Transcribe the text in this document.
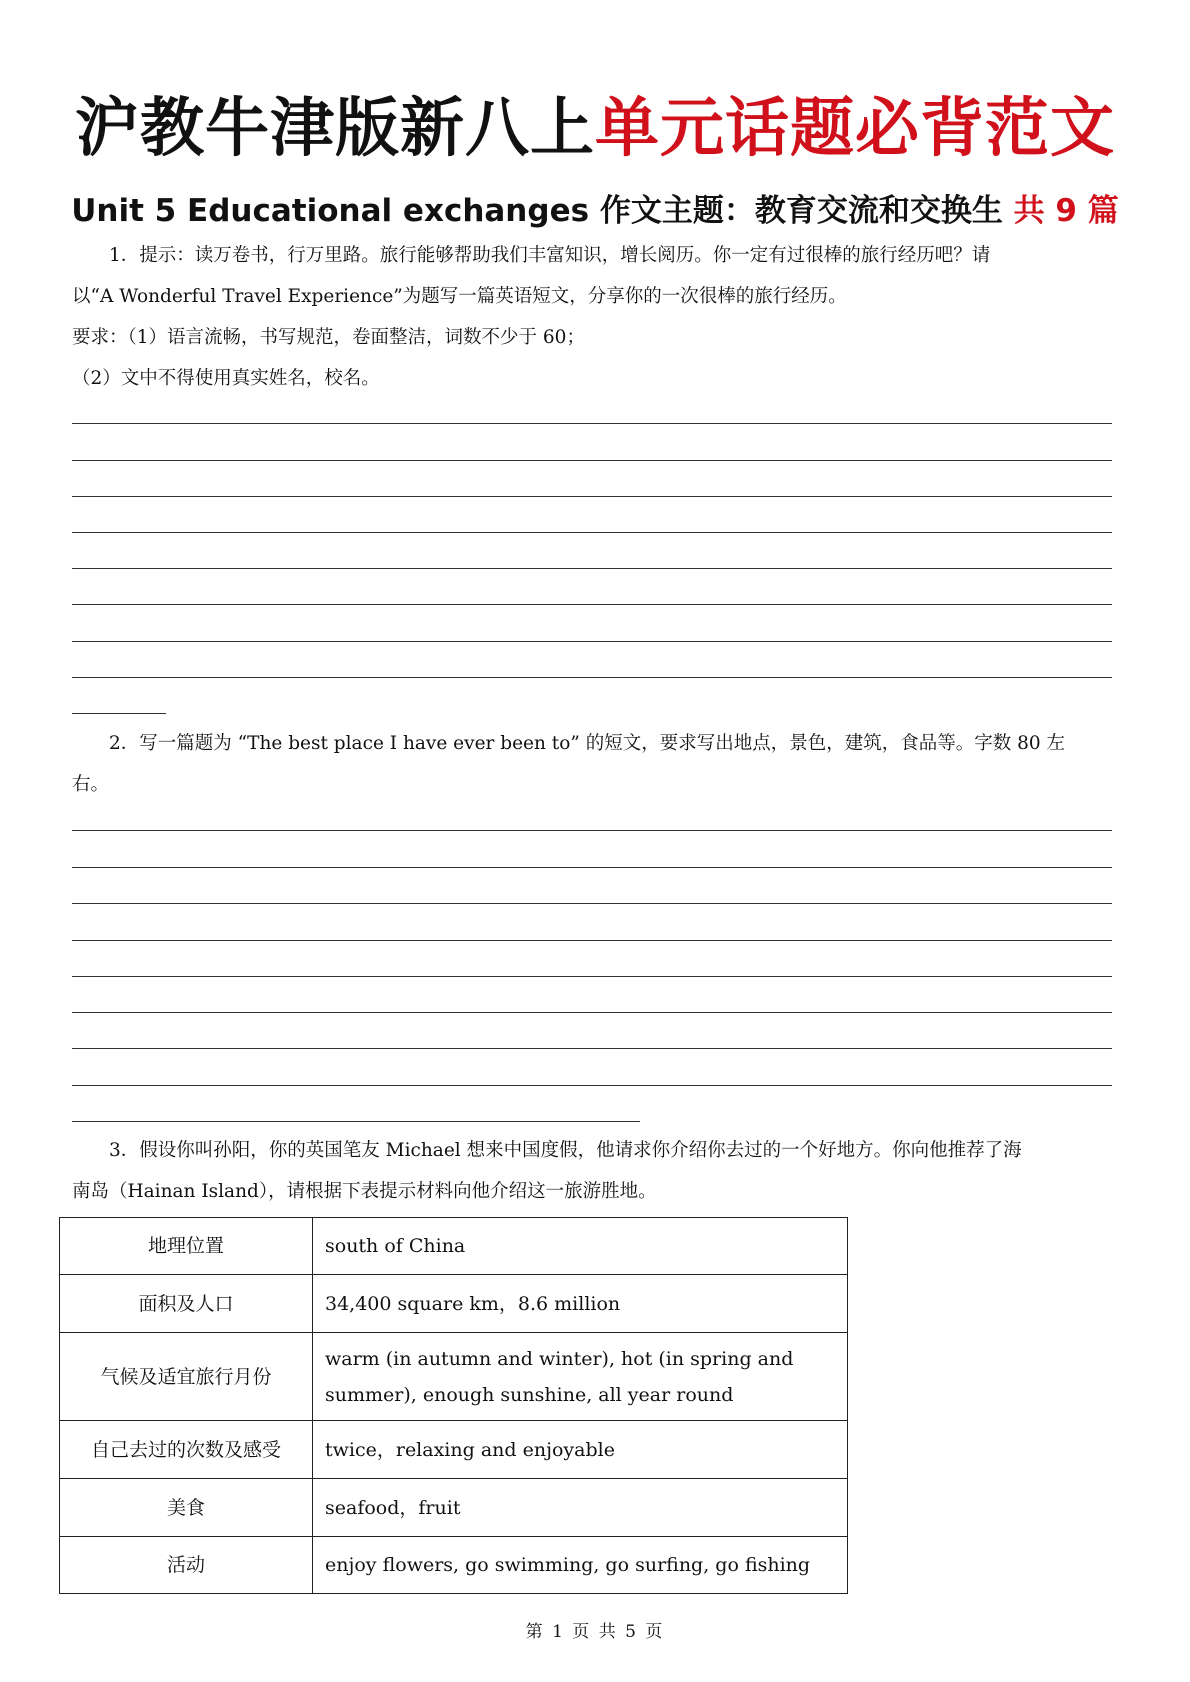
沪教牛津版新八上单元话题必背范文
Unit 5 Educational exchanges 作文主题：教育交流和交换生 共 9 篇
1．提示：读万卷书，行万里路。旅行能够帮助我们丰富知识，增长阅历。你一定有过很棒的旅行经历吧？请
以“A Wonderful Travel Experience”为题写一篇英语短文，分享你的一次很棒的旅行经历。
要求：（1）语言流畅，书写规范，卷面整洁，词数不少于 60；
（2）文中不得使用真实姓名，校名。
2．写一篇题为 “The best place I have ever been to” 的短文，要求写出地点，景色，建筑，食品等。字数 80 左
右。
3．假设你叫孙阳，你的英国笔友 Michael 想来中国度假，他请求你介绍你去过的一个好地方。你向他推荐了海
南岛（Hainan Island），请根据下表提示材料向他介绍这一旅游胜地。
地理位置	south of China
面积及人口	34,400 square km，8.6 million
气候及适宜旅行月份	warm (in autumn and winter), hot (in spring and summer), enough sunshine, all year round
自己去过的次数及感受	twice，relaxing and enjoyable
美食	seafood，fruit
活动	enjoy flowers, go swimming, go surfing, go fishing
第 1 页 共 5 页
